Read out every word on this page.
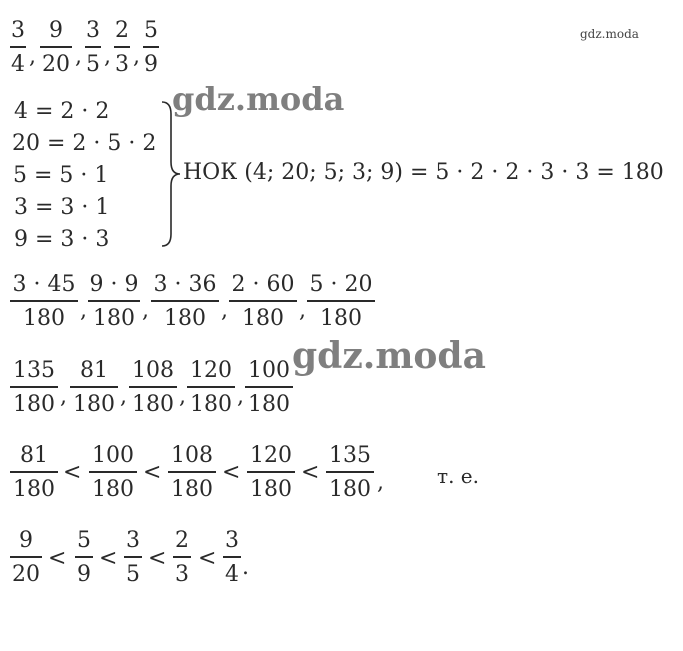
gdz.moda
3
4 ,
9
20 ,
3
5 ,
2
3 ,
5
9
gdz.moda
4 = 2 · 2
20 = 2 · 5 · 2
5 = 5 · 1
3 = 3 · 1
9 = 3 · 3
НОК (4; 20; 5; 3; 9) = 5 · 2 · 2 · 3 · 3 = 180
3 · 45
180 ,
9 · 9
180 ,
3 · 36
180 ,
2 · 60
180 ,
5 · 20
180
gdz.moda
135
180 ,
81
180 ,
108
180 ,
120
180 ,
100
180
81
180
<
100
180
<
108
180
<
120
180
<
135
180 ,	т. е.
9
20
<
5
9
<
3
5
<
2
3
<
3
4 .
